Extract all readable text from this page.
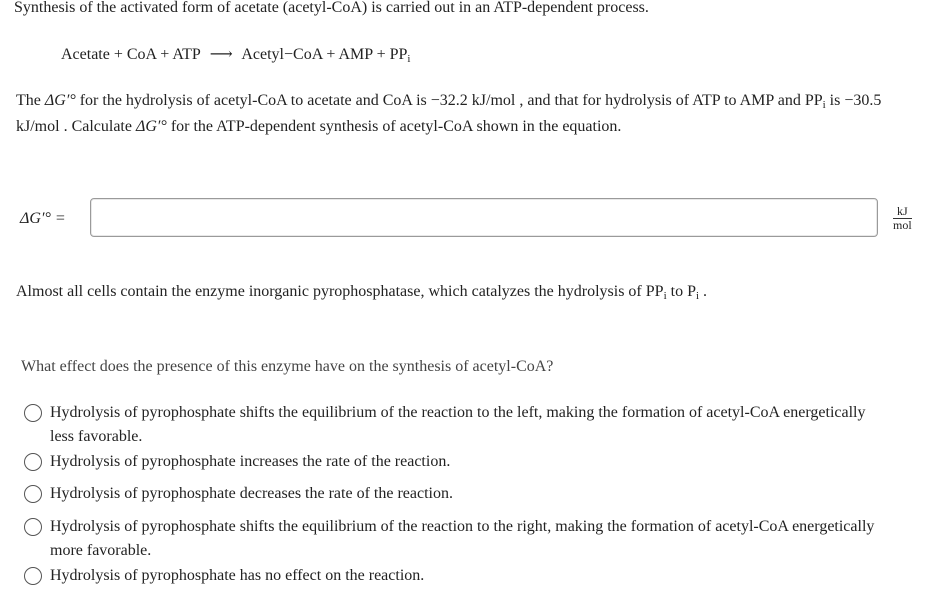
Synthesis of the activated form of acetate (acetyl-CoA) is carried out in an ATP-dependent process.
Acetate + CoA + ATP ⟶ Acetyl−CoA + AMP + $PP_i$
The ΔG′° for the hydrolysis of acetyl-CoA to acetate and CoA is −32.2 kJ/mol , and that for hydrolysis of ATP to AMP and $PP_i$ is −30.5 kJ/mol . Calculate ΔG′° for the ATP-dependent synthesis of acetyl-CoA shown in the equation.
ΔG′° =	kJ
mol
Almost all cells contain the enzyme inorganic pyrophosphatase, which catalyzes the hydrolysis of $PP_i$ to $P_i$ .
What effect does the presence of this enzyme have on the synthesis of acetyl-CoA?
Hydrolysis of pyrophosphate shifts the equilibrium of the reaction to the left, making the formation of acetyl-CoA energetically less favorable.
Hydrolysis of pyrophosphate increases the rate of the reaction.
Hydrolysis of pyrophosphate decreases the rate of the reaction.
Hydrolysis of pyrophosphate shifts the equilibrium of the reaction to the right, making the formation of acetyl-CoA energetically more favorable.
Hydrolysis of pyrophosphate has no effect on the reaction.
